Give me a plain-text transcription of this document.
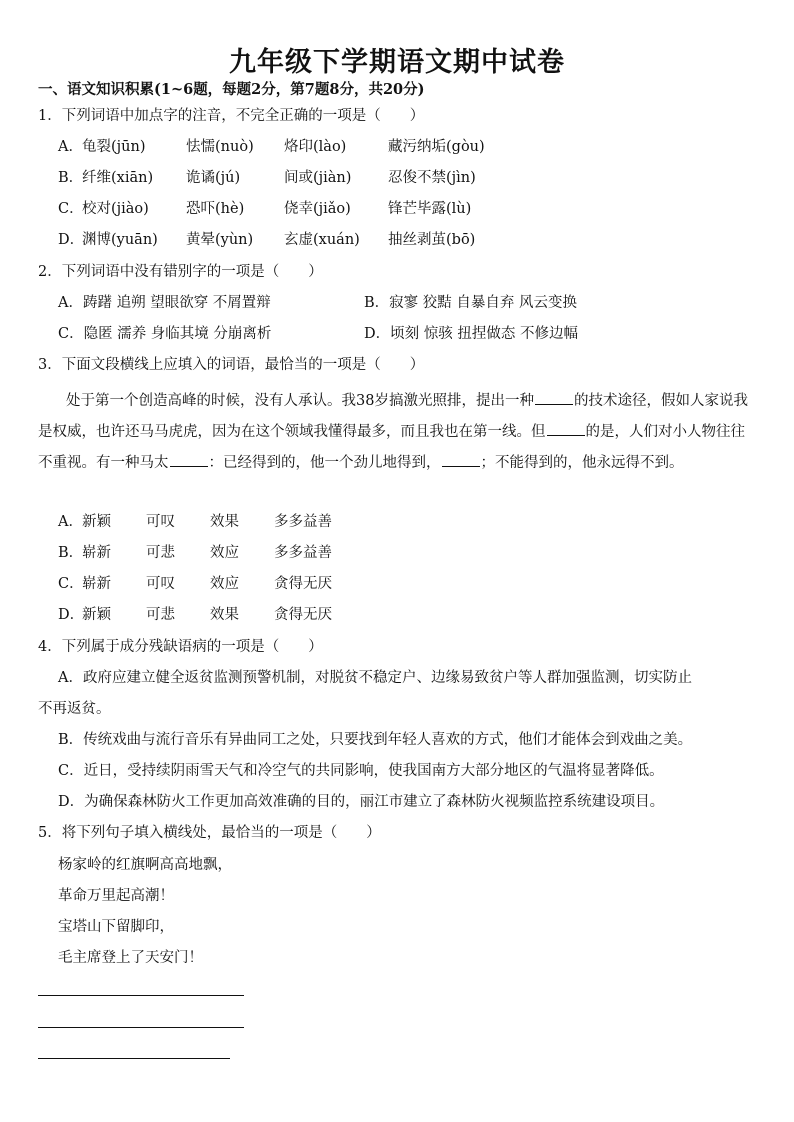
九年级下学期语文期中试卷
一、语文知识积累(1~6题，每题2分，第7题8分，共20分)
1．下列词语中加点字的注音，不完全正确的一项是（　　）
A．龟裂(jūn)	怯懦(nuò) 烙印(lào)	藏污纳垢(gòu)
B．纤维(xiān) 诡谲(jú)	间或(jiàn)	忍俊不禁(jìn)
C．校对(jiào)	恐吓(hè)	侥幸(jiǎo)	锋芒毕露(lù)
D．渊博(yuān) 黄晕(yùn) 玄虚(xuán) 抽丝剥茧(bō)
2．下列词语中没有错别字的一项是（　　）
A．踌躇 追朔 望眼欲穿 不屑置辩	B．寂寥 狡黠 自暴自弃 风云变换
C．隐匿 濡养 身临其境 分崩离析	D．顷刻 惊骇 扭捏做态 不修边幅
3．下面文段横线上应填入的词语，最恰当的一项是（　　）
处于第一个创造高峰的时候，没有人承认。我38岁搞激光照排，提出一种	的技术途径，假如人家说我是权威，也许还马马虎虎，因为在这个领域我懂得最多，而且我也在第一线。但	的是，人们对小人物往往不重视。有一种马太	：已经得到的，他一个劲儿地得到，	；不能得到的，他永远得不到。
A．新颖 可叹 效果 多多益善
B．崭新 可悲 效应 多多益善
C．崭新 可叹 效应 贪得无厌
D．新颖 可悲 效果 贪得无厌
4．下列属于成分残缺语病的一项是（　　）
A．政府应建立健全返贫监测预警机制，对脱贫不稳定户、边缘易致贫户等人群加强监测，切实防止
不再返贫。
B．传统戏曲与流行音乐有异曲同工之处，只要找到年轻人喜欢的方式，他们才能体会到戏曲之美。
C．近日，受持续阴雨雪天气和冷空气的共同影响，使我国南方大部分地区的气温将显著降低。
D．为确保森林防火工作更加高效准确的目的，丽江市建立了森林防火视频监控系统建设项目。
5．将下列句子填入横线处，最恰当的一项是（　　）
杨家岭的红旗啊高高地飘，
革命万里起高潮！
宝塔山下留脚印，
毛主席登上了天安门！
